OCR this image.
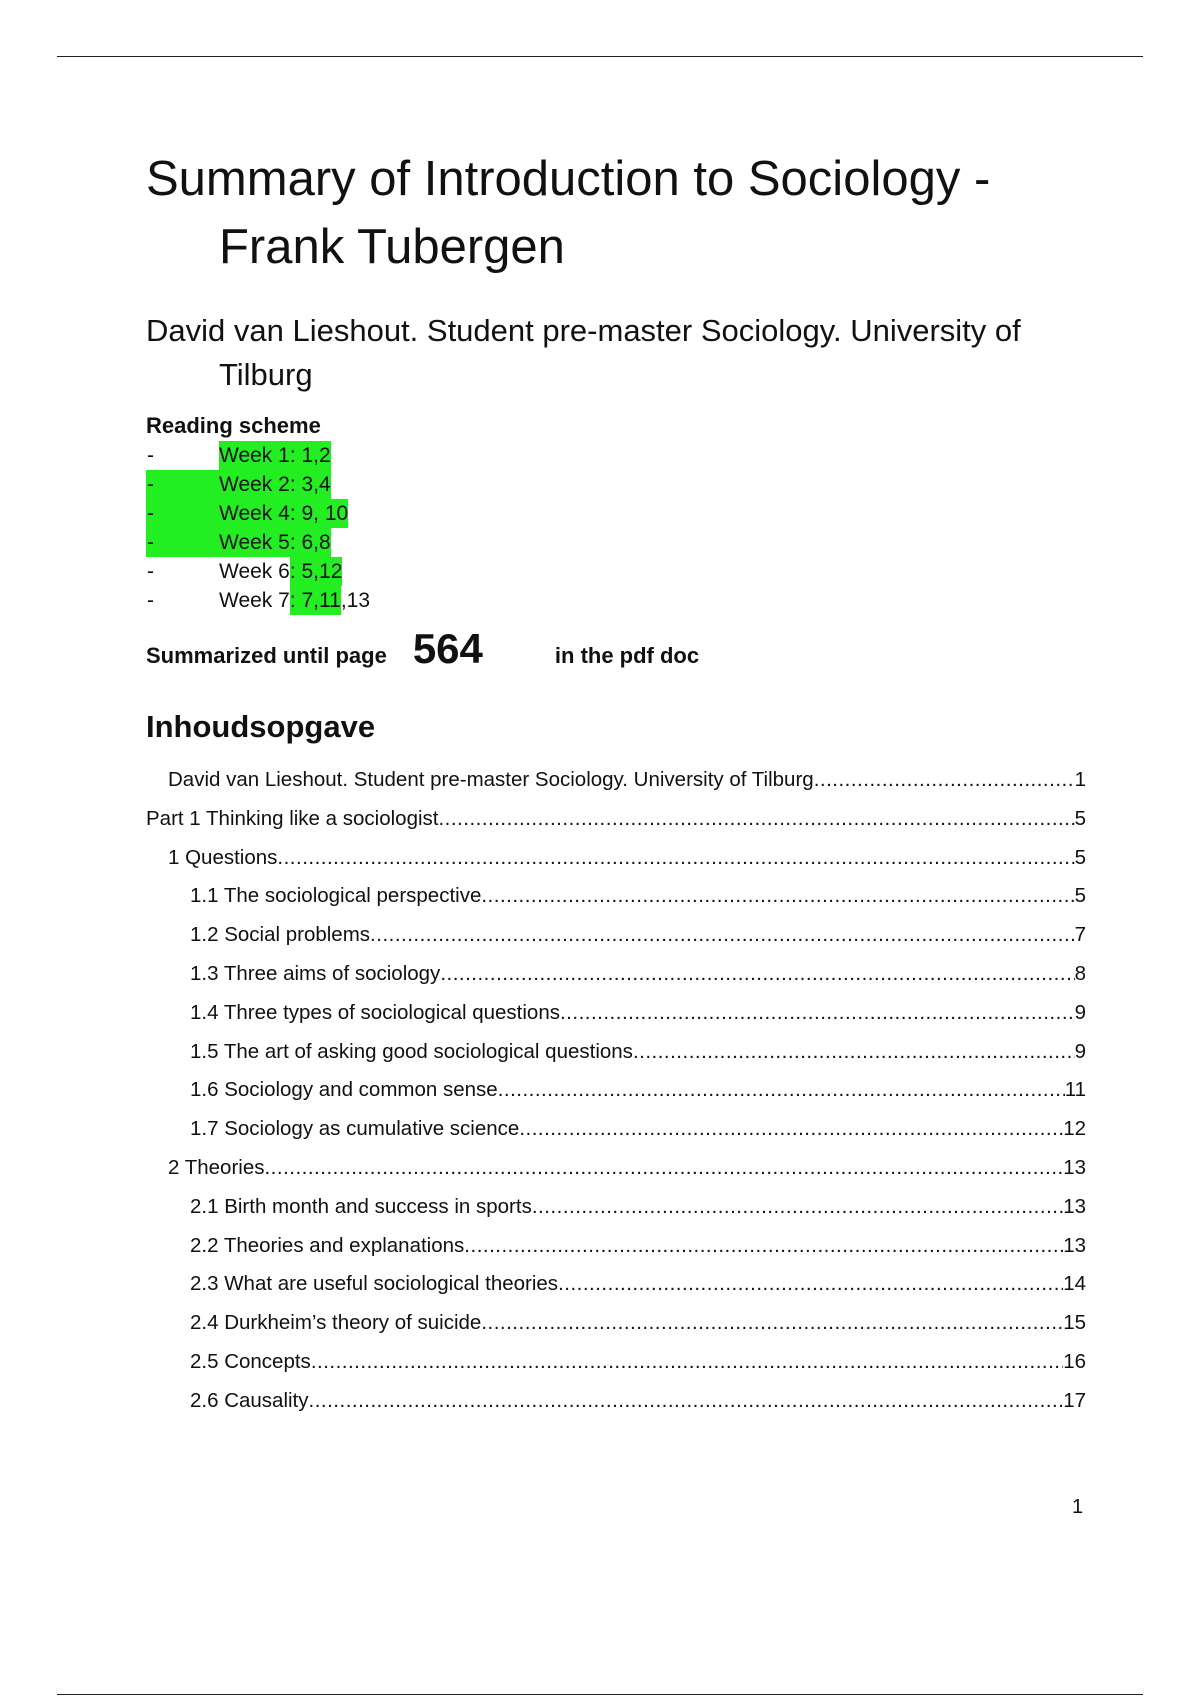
Summary of Introduction to Sociology -
Frank Tubergen
David van Lieshout. Student pre-master Sociology. University of
Tilburg
Reading scheme
-	Week 1: 1,2
-	Week 2: 3,4
-	Week 4: 9, 10
-	Week 5: 6,8
-	Week 6 : 5,12
-	Week 7 : 7,11 ,13
Summarized until page 564	in the pdf doc
Inhoudsopgave
David van Lieshout. Student pre-master Sociology. University of Tilburg .....	1
Part 1 Thinking like a sociologist .....	5
1 Questions .....	5
1.1 The sociological perspective .....	5
1.2 Social problems .....	7
1.3 Three aims of sociology .....	8
1.4 Three types of sociological questions .....	9
1.5 The art of asking good sociological questions .....	9
1.6 Sociology and common sense .....	11
1.7 Sociology as cumulative science .....	12
2 Theories .....	13
2.1 Birth month and success in sports .....	13
2.2 Theories and explanations .....	13
2.3 What are useful sociological theories .....	14
2.4 Durkheim’s theory of suicide .....	15
2.5 Concepts .....	16
2.6 Causality .....	17
1
